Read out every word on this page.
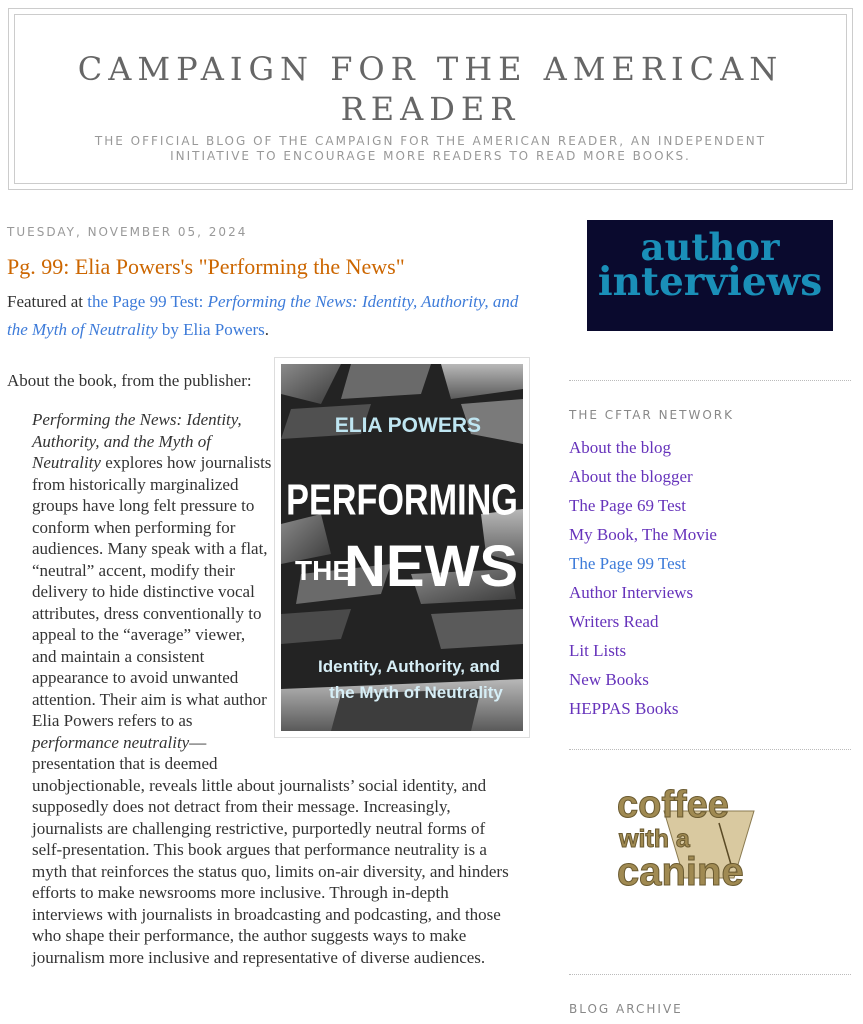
CAMPAIGN FOR THE AMERICAN READER
THE OFFICIAL BLOG OF THE CAMPAIGN FOR THE AMERICAN READER, AN INDEPENDENT INITIATIVE TO ENCOURAGE MORE READERS TO READ MORE BOOKS.
TUESDAY, NOVEMBER 05, 2024
Pg. 99: Elia Powers's "Performing the News"
Featured at the Page 99 Test: Performing the News: Identity, Authority, and the Myth of Neutrality by Elia Powers.
About the book, from the publisher:
ELIA POWERS
PERFORMING
THE
NEWS
Identity, Authority, and
the Myth of Neutrality
Performing the News: Identity, Authority, and the Myth of Neutrality explores how journalists from historically marginalized groups have long felt pressure to conform when performing for audiences. Many speak with a flat, “neutral” accent, modify their delivery to hide distinctive vocal attributes, dress conventionally to appeal to the “average” viewer, and maintain a consistent appearance to avoid unwanted attention. Their aim is what author Elia Powers refers to as performance neutrality—presentation that is deemed unobjectionable, reveals little about journalists’ social identity, and supposedly does not detract from their message. Increasingly, journalists are challenging restrictive, purportedly neutral forms of self-presentation. This book argues that performance neutrality is a myth that reinforces the status quo, limits on-air diversity, and hinders efforts to make newsrooms more inclusive. Through in-depth interviews with journalists in broadcasting and podcasting, and those who shape their performance, the author suggests ways to make journalism more inclusive and representative of diverse audiences.
author
interviews
THE CFTAR NETWORK
About the blog
About the blogger
The Page 69 Test
My Book, The Movie
The Page 99 Test
Author Interviews
Writers Read
Lit Lists
New Books
HEPPAS Books
coffee
with a
canine
BLOG ARCHIVE
